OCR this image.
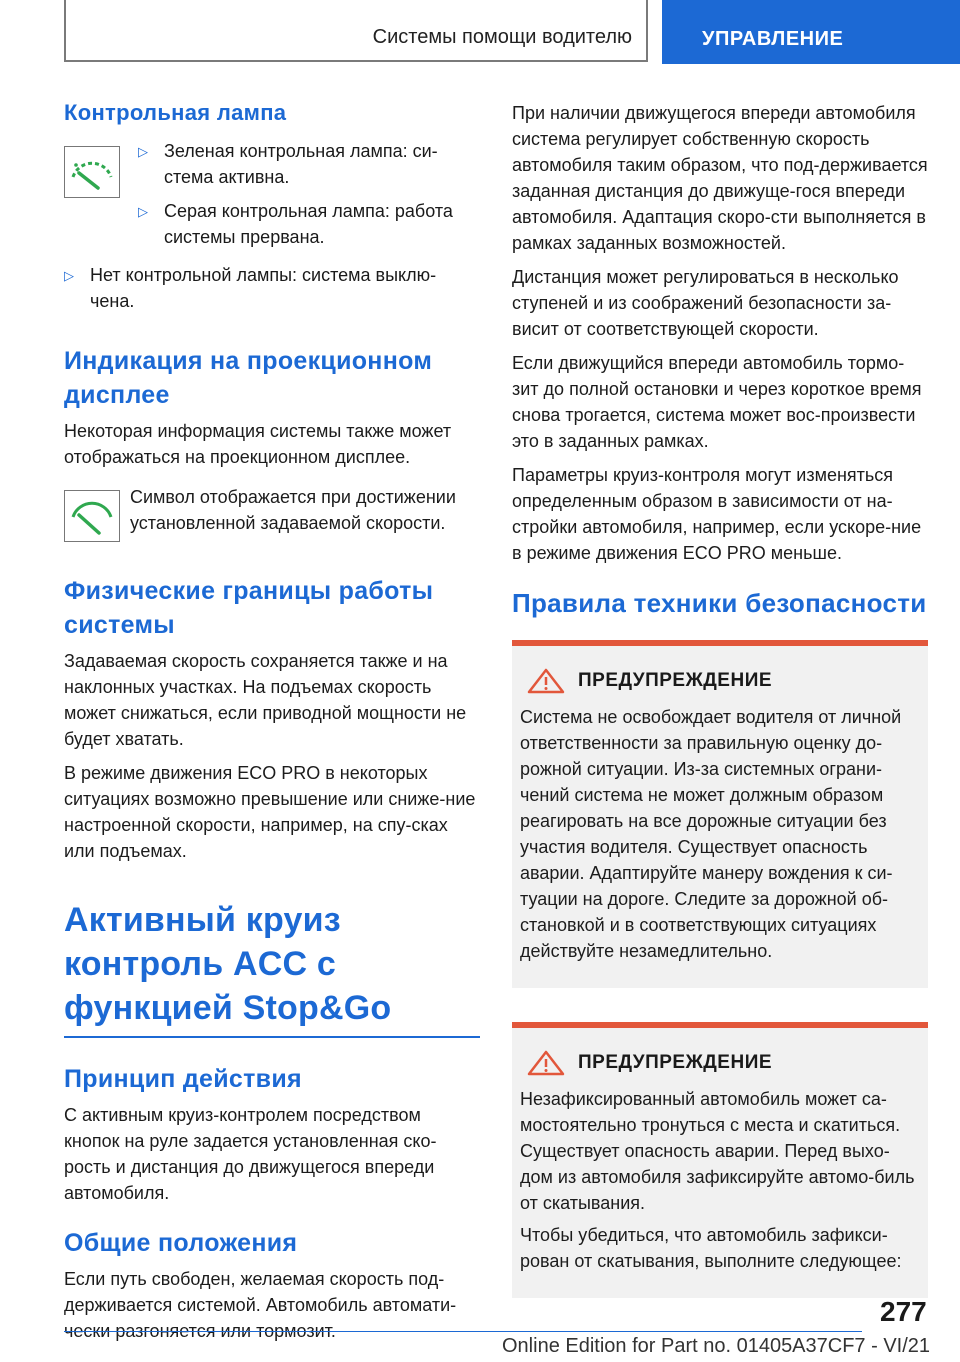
Системы помощи водителю	УПРАВЛЕНИЕ
Контрольная лампа
▷ Зеленая контрольная лампа: си-стема активна.
▷ Серая контрольная лампа: работа системы прервана.
▷ Нет контрольной лампы: система выклю-чена.
Индикация на проекционном дисплее

Некоторая информация системы также может отображаться на проекционном дисплее.

Символ отображается при достижении установленной задаваемой скорости.

Физические границы работы системы

Задаваемая скорость сохраняется также и на наклонных участках. На подъемах скорость может снижаться, если приводной мощности не будет хватать.

В режиме движения ECO PRO в некоторых ситуациях возможно превышение или сниже-ние настроенной скорости, например, на спу-сках или подъемах.

Активный круиз контроль ACC с функцией Stop&Go
Принцип действия

С активным круиз-контролем посредством кнопок на руле задается установленная ско-рость и дистанция до движущегося впереди автомобиля.

Общие положения

Если путь свободен, желаемая скорость под-держивается системой. Автомобиль автомати-чески разгоняется или тормозит.

При наличии движущегося впереди автомобиля система регулирует собственную скорость автомобиля таким образом, что под-держивается заданная дистанция до движуще-гося впереди автомобиля. Адаптация скоро-сти выполняется в рамках заданных возможностей.

Дистанция может регулироваться в несколько ступеней и из соображений безопасности за-висит от соответствующей скорости.

Если движущийся впереди автомобиль тормо-зит до полной остановки и через короткое время снова трогается, система может вос-произвести это в заданных рамках.

Параметры круиз-контроля могут изменяться определенным образом в зависимости от на-стройки автомобиля, например, если ускоре-ние в режиме движения ECO PRO меньше.

Правила техники безопасности
ПРЕДУПРЕЖДЕНИЕ

Система не освобождает водителя от личной ответственности за правильную оценку до-рожной ситуации. Из-за системных ограни-чений система не может должным образом реагировать на все дорожные ситуации без участия водителя. Существует опасность аварии. Адаптируйте манеру вождения к си-туации на дороге. Следите за дорожной об-становкой и в соответствующих ситуациях действуйте незамедлительно.

ПРЕДУПРЕЖДЕНИЕ

Незафиксированный автомобиль может са-мостоятельно тронуться с места и скатиться. Существует опасность аварии. Перед выхо-дом из автомобиля зафиксируйте автомо-биль от скатывания.

Чтобы убедиться, что автомобиль зафикси-рован от скатывания, выполните следующее:

277
Online Edition for Part no. 01405A37CF7 - VI/21
